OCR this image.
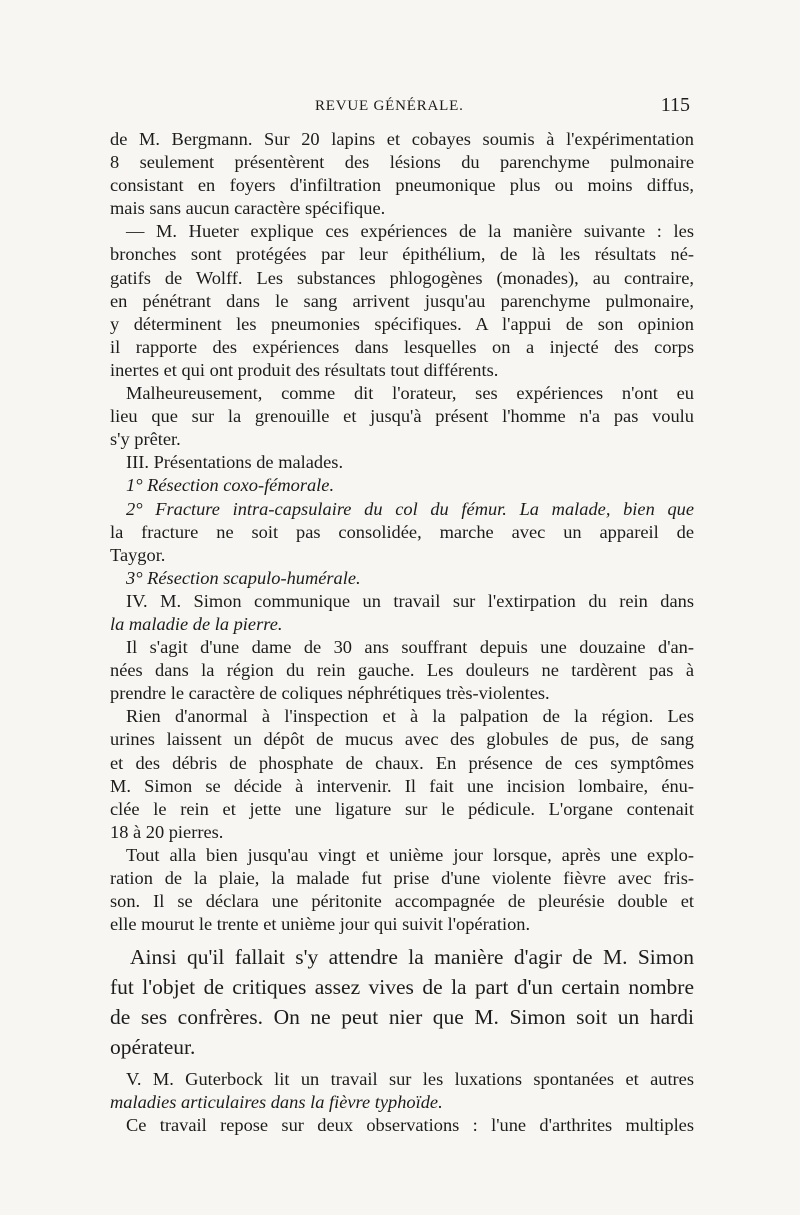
REVUE GÉNÉRALE.	115
de M. Bergmann. Sur 20 lapins et cobayes soumis à l'expérimentation
8 seulement présentèrent des lésions du parenchyme pulmonaire
consistant en foyers d'infiltration pneumonique plus ou moins diffus,
mais sans aucun caractère spécifique.
— M. Hueter explique ces expériences de la manière suivante : les
bronches sont protégées par leur épithélium, de là les résultats né-
gatifs de Wolff. Les substances phlogogènes (monades), au contraire,
en pénétrant dans le sang arrivent jusqu'au parenchyme pulmonaire,
y déterminent les pneumonies spécifiques. A l'appui de son opinion
il rapporte des expériences dans lesquelles on a injecté des corps
inertes et qui ont produit des résultats tout différents.
Malheureusement, comme dit l'orateur, ses expériences n'ont eu
lieu que sur la grenouille et jusqu'à présent l'homme n'a pas voulu
s'y prêter.
III. Présentations de malades.
1° Résection coxo-fémorale.
2° Fracture intra-capsulaire du col du fémur. La malade, bien que
la fracture ne soit pas consolidée, marche avec un appareil de
Taygor.
3° Résection scapulo-humérale.
IV. M. Simon communique un travail sur l'extirpation du rein dans
la maladie de la pierre.
Il s'agit d'une dame de 30 ans souffrant depuis une douzaine d'an-
nées dans la région du rein gauche. Les douleurs ne tardèrent pas à
prendre le caractère de coliques néphrétiques très-violentes.
Rien d'anormal à l'inspection et à la palpation de la région. Les
urines laissent un dépôt de mucus avec des globules de pus, de sang
et des débris de phosphate de chaux. En présence de ces symptômes
M. Simon se décide à intervenir. Il fait une incision lombaire, énu-
clée le rein et jette une ligature sur le pédicule. L'organe contenait
18 à 20 pierres.
Tout alla bien jusqu'au vingt et unième jour lorsque, après une explo-
ration de la plaie, la malade fut prise d'une violente fièvre avec fris-
son. Il se déclara une péritonite accompagnée de pleurésie double et
elle mourut le trente et unième jour qui suivit l'opération.
Ainsi qu'il fallait s'y attendre la manière d'agir de M. Simon
fut l'objet de critiques assez vives de la part d'un certain nombre
de ses confrères. On ne peut nier que M. Simon soit un hardi
opérateur.
V. M. Guterbock lit un travail sur les luxations spontanées et autres
maladies articulaires dans la fièvre typhoïde.
Ce travail repose sur deux observations : l'une d'arthrites multiples
